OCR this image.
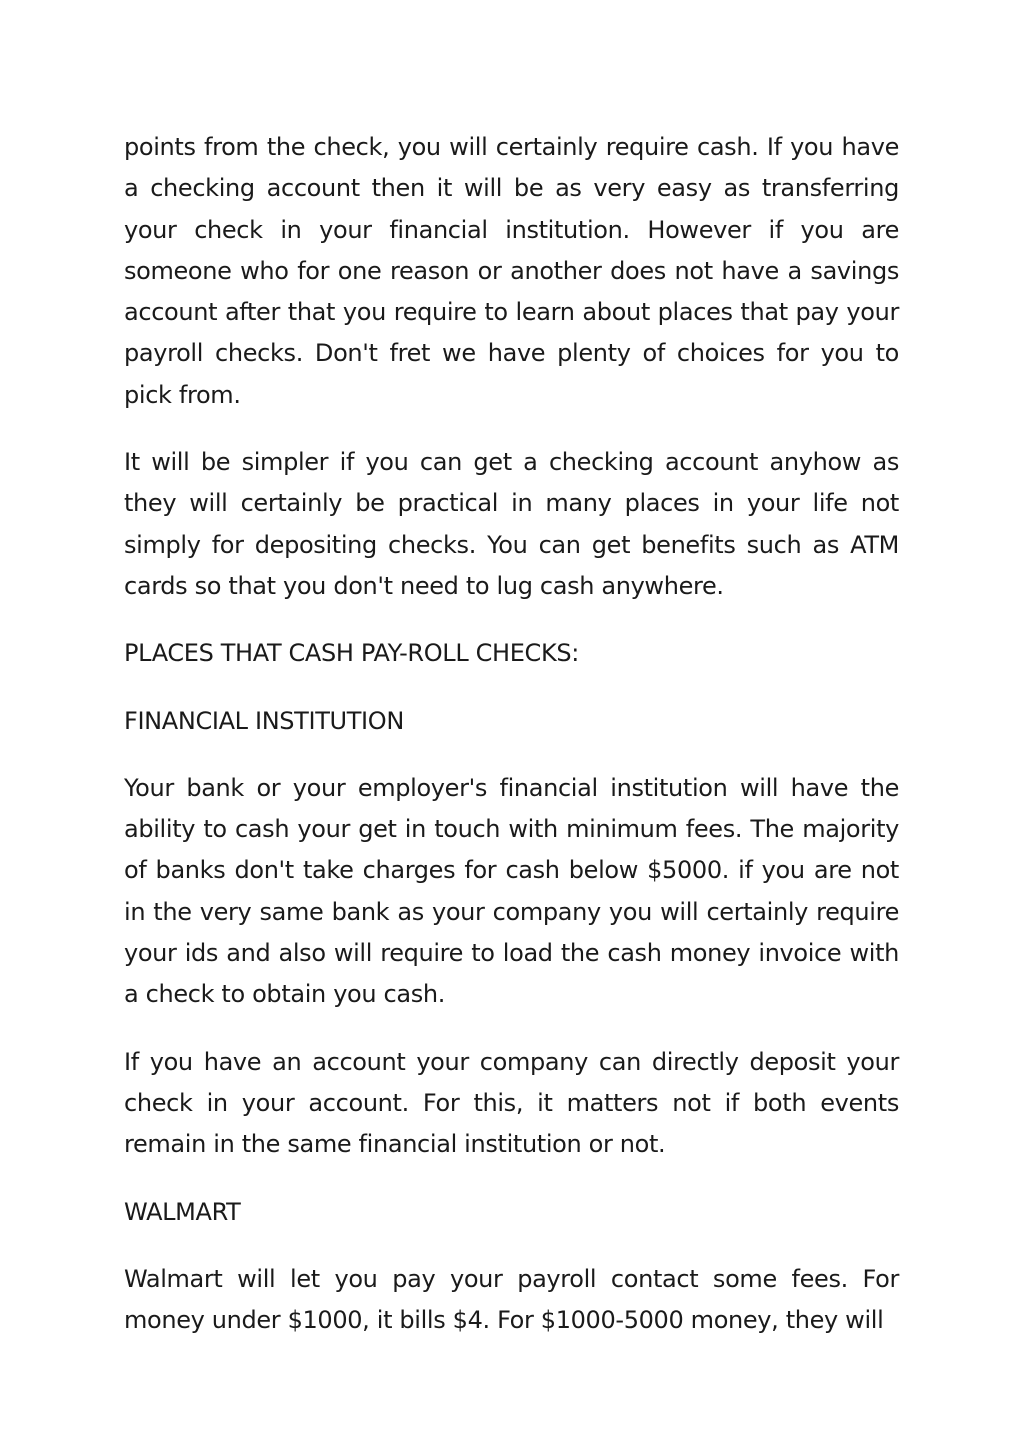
points from the check, you will certainly require cash. If you have a checking account then it will be as very easy as transferring your check in your financial institution. However if you are someone who for one reason or another does not have a savings account after that you require to learn about places that pay your payroll checks. Don't fret we have plenty of choices for you to pick from.

It will be simpler if you can get a checking account anyhow as they will certainly be practical in many places in your life not simply for depositing checks. You can get benefits such as ATM cards so that you don't need to lug cash anywhere.

PLACES THAT CASH PAY-ROLL CHECKS:

FINANCIAL INSTITUTION

Your bank or your employer's financial institution will have the ability to cash your get in touch with minimum fees. The majority of banks don't take charges for cash below $5000. if you are not in the very same bank as your company you will certainly require your ids and also will require to load the cash money invoice with a check to obtain you cash.

If you have an account your company can directly deposit your check in your account. For this, it matters not if both events remain in the same financial institution or not.

WALMART

Walmart will let you pay your payroll contact some fees. For money under $1000, it bills $4. For $1000-5000 money, they will
